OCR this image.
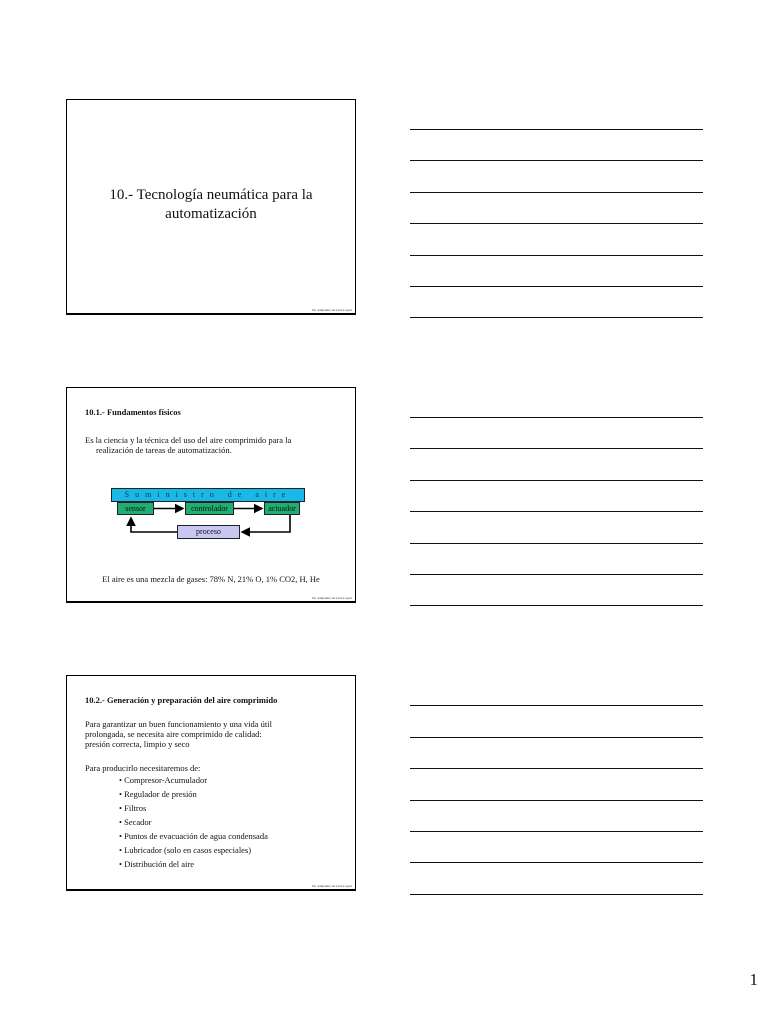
10.- Tecnología neumática para la
automatización
Dr. Alejandro Acevez López
10.1.- Fundamentos físicos
Es la ciencia y la técnica del uso del aire comprimido para la
realización de tareas de automatización.
Suministro de aire
sensor	controlador	actuador
proceso
El aire es una mezcla de gases: 78% N, 21% O, 1% CO2, H, He
Dr. Alejandro Acevez López
10.2.- Generación y preparación del aire comprimido
Para garantizar un buen funcionamiento y una vida útil
prolongada, se necesita aire comprimido de calidad:
presión correcta, limpio y seco
Para producirlo necesitaremos de:
• Compresor-Acumulador
• Regulador de presión
• Filtros
• Secador
• Puntos de evacuación de agua condensada
• Lubricador (solo en casos especiales)
• Distribución del aire
Dr. Alejandro Acevez López
1
